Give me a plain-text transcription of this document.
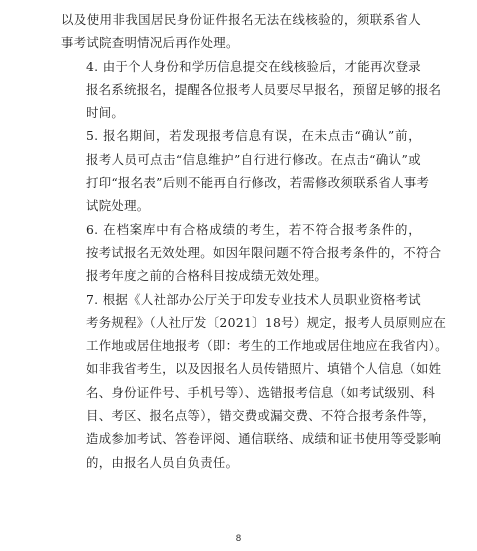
以及使用非我国居民身份证件报名无法在线核验的，须联系省人
事考试院查明情况后再作处理。

4. 由于个人身份和学历信息提交在线核验后，才能再次登录
报名系统报名，提醒各位报考人员要尽早报名，预留足够的报名
时间。

5. 报名期间，若发现报考信息有误，在未点击“确认”前，
报考人员可点击“信息维护”自行进行修改。在点击“确认”或
打印“报名表”后则不能再自行修改，若需修改须联系省人事考
试院处理。

6. 在档案库中有合格成绩的考生，若不符合报考条件的，
按考试报名无效处理。如因年限问题不符合报考条件的，不符合
报考年度之前的合格科目按成绩无效处理。

7. 根据《人社部办公厅关于印发专业技术人员职业资格考试
考务规程》（人社厅发〔2021〕18号）规定，报考人员原则应在
工作地或居住地报考（即：考生的工作地或居住地应在我省内）。
如非我省考生，以及因报名人员传错照片、填错个人信息（如姓
名、身份证件号、手机号等）、选错报考信息（如考试级别、科
目、考区、报名点等），错交费或漏交费、不符合报考条件等，
造成参加考试、答卷评阅、通信联络、成绩和证书使用等受影响
的，由报名人员自负责任。

8
